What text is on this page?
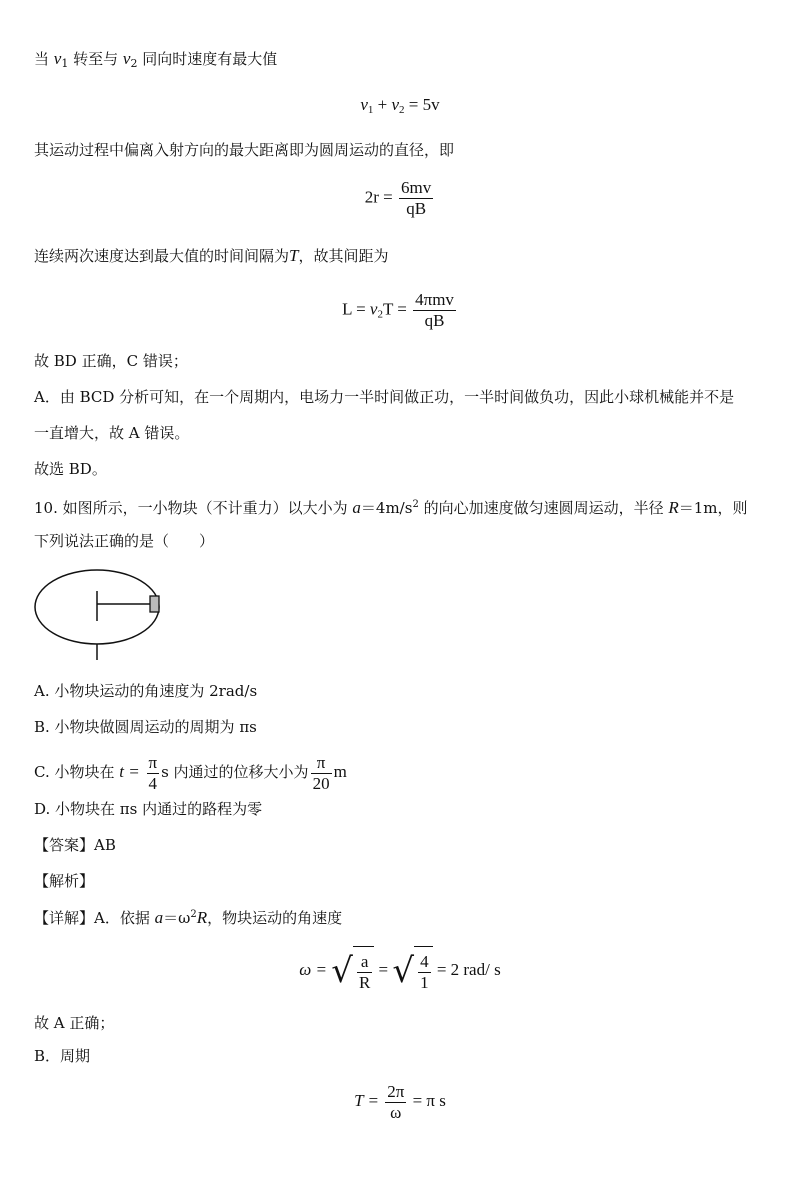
当 $v_1$ 转至与 $v_2$ 同向时速度有最大值
$v_1 + v_2 = 5v$
其运动过程中偏离入射方向的最大距离即为圆周运动的直径，即
$2r = \frac{6mv}{qB}$
连续两次速度达到最大值的时间间隔为T，故其间距为
$L = v_2T = \frac{\text{4πmv}}{qB}$
故 BD 正确，C 错误；
A．由 BCD 分析可知，在一个周期内，电场力一半时间做正功，一半时间做负功，因此小球机械能并不是
一直增大，故 A 错误。
故选 BD。
10. 如图所示，一小物块（不计重力）以大小为 $a=4m/s^2$ 的向心加速度做匀速圆周运动，半径 R＝1m，则
下列说法正确的是（　　）
A. 小物块运动的角速度为 2rad/s
B. 小物块做圆周运动的周期为 πs
C. 小物块在 $t = \frac{\pi}{4}$ s 内通过的位移大小为 $\frac{\pi}{20}$ m
D. 小物块在 πs 内通过的路程为零
【答案】AB
【解析】
【详解】A．依据 $a=\omega^2R$，物块运动的角速度
ω = √ $\frac{a}{R}$ = √ $\frac{4}{1} = 2$ rad/ s
故 A 正确；
B．周期
$T = \frac{2\pi}{\omega} = \pi$ s
